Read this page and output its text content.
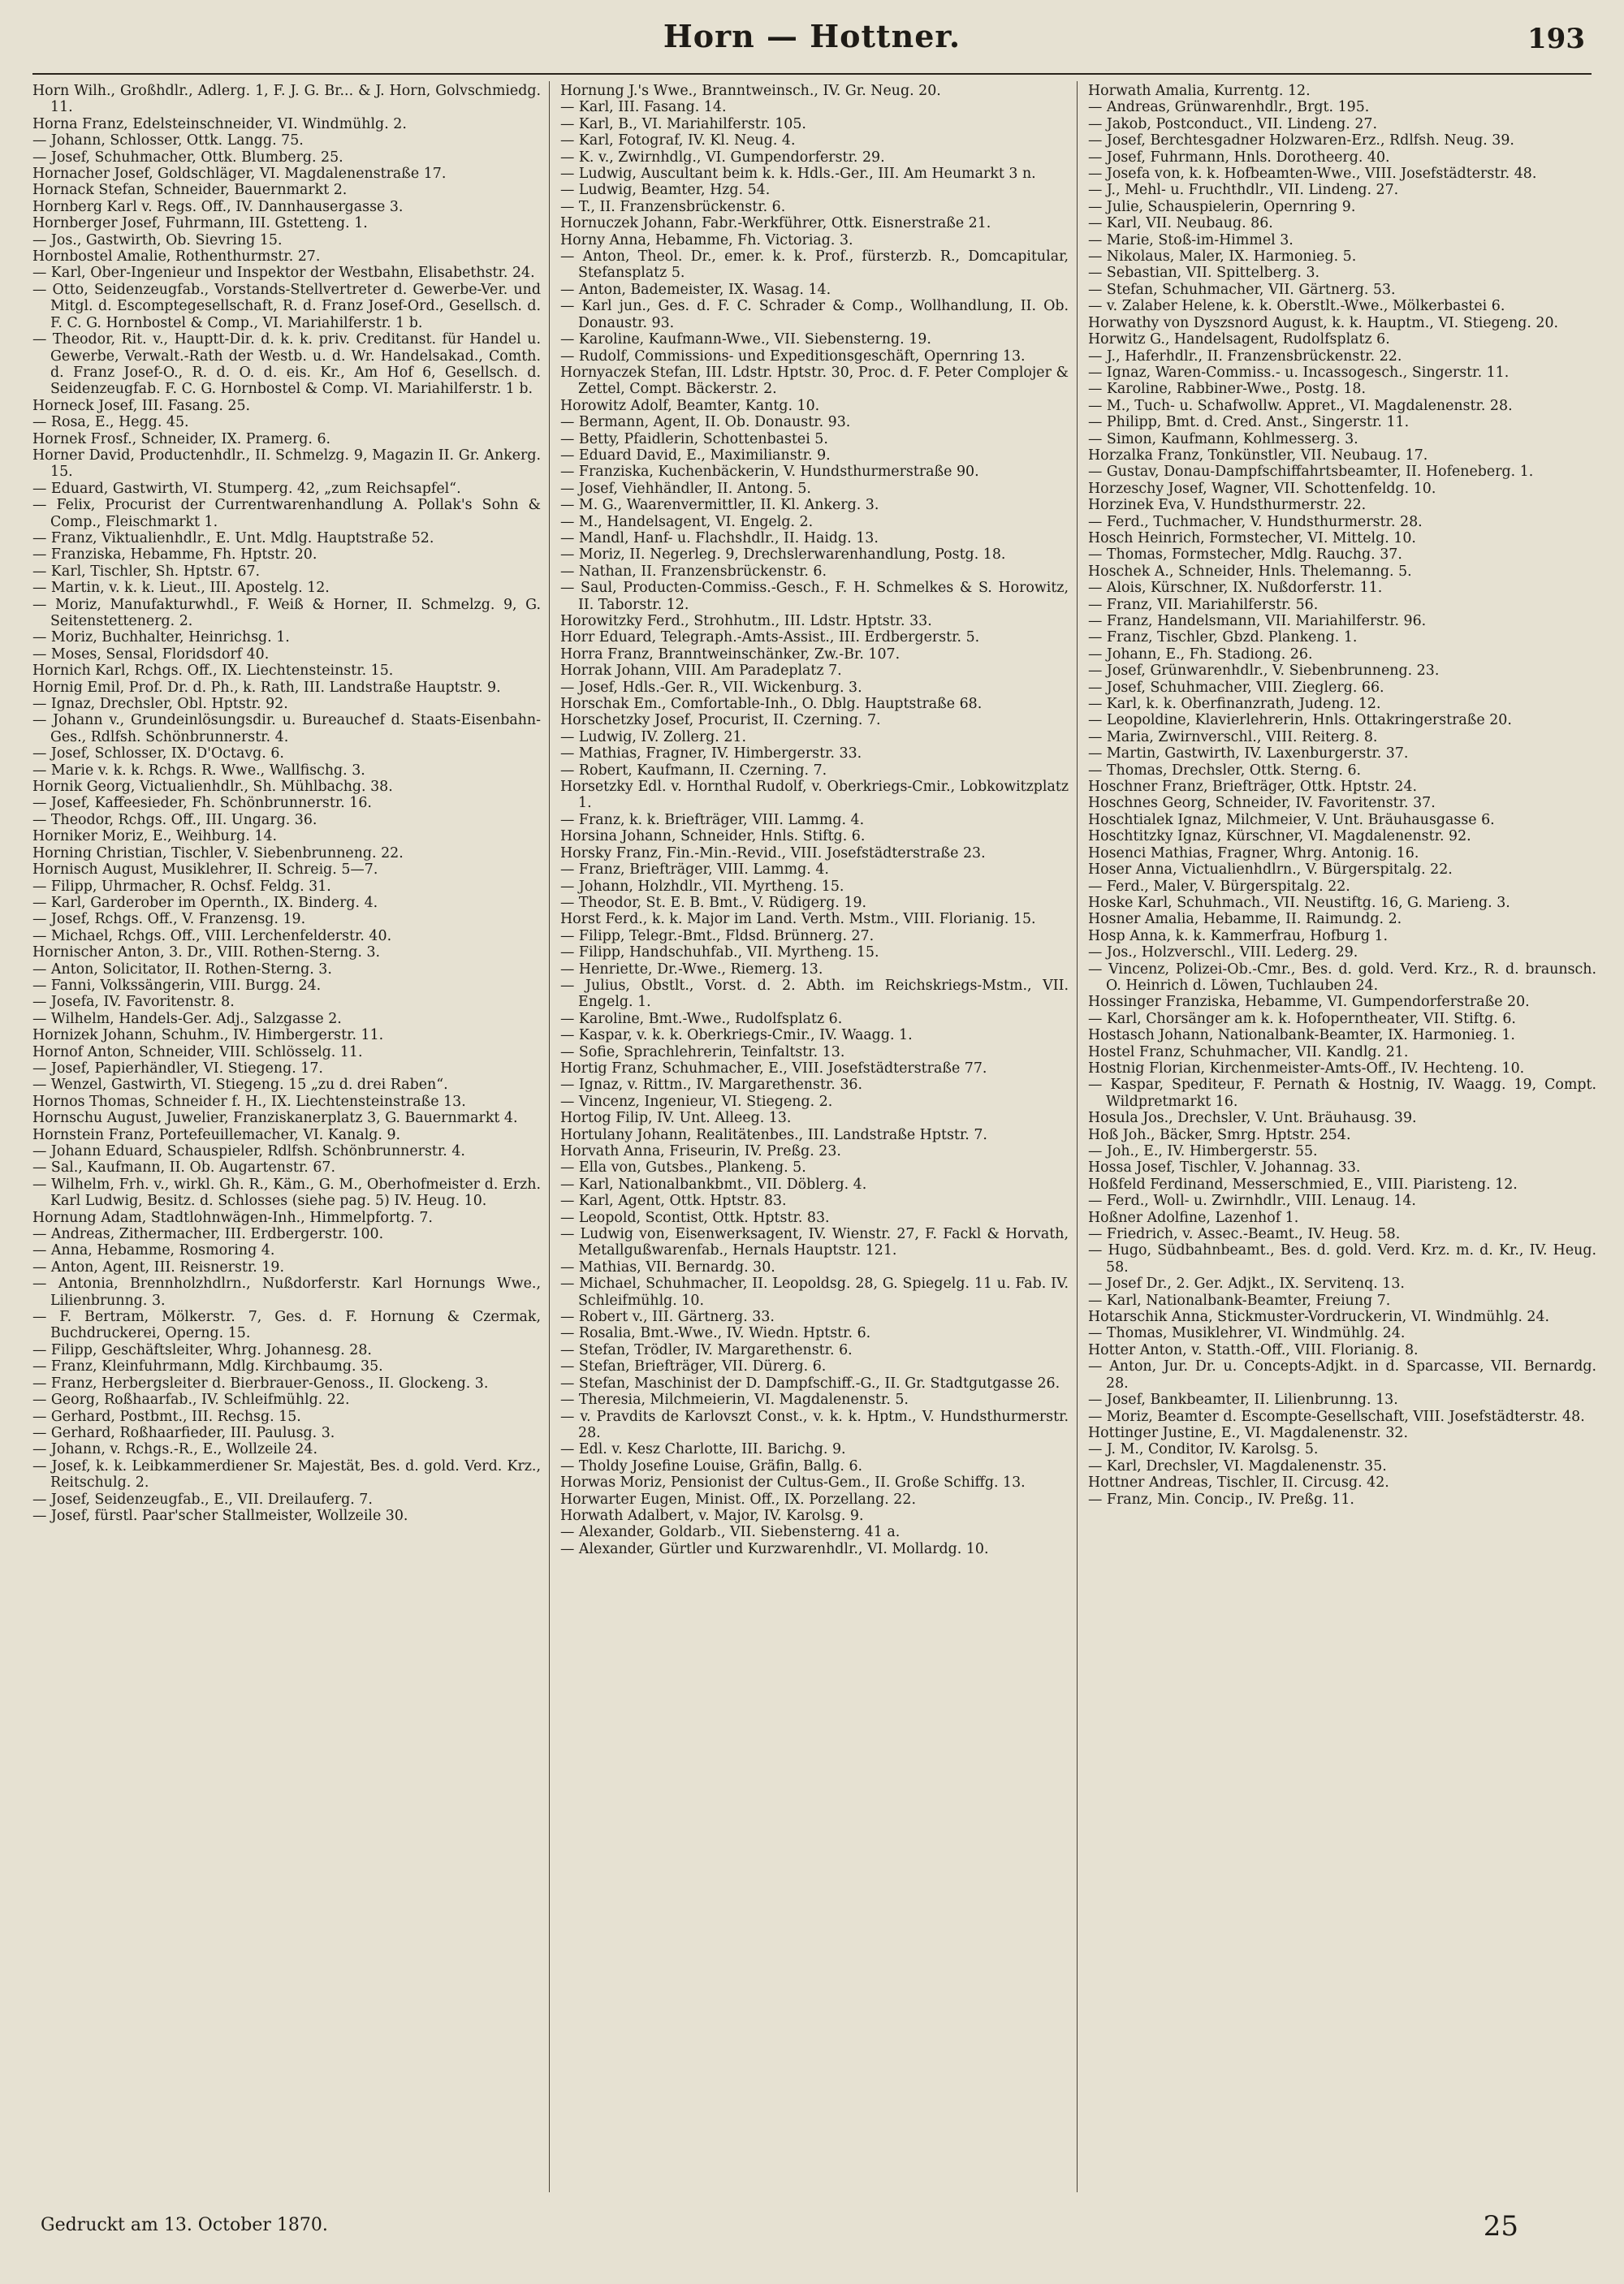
Horn — Hottner.	193

Horn Wilh., Großhdlr., Adlerg. 1, F. J. G. Br... & J. Horn, Golvschmiedg. 11.

Horna Franz, Edelsteinschneider, VI. Windmühlg. 2.

— Johann, Schlosser, Ottk. Langg. 75.

— Josef, Schuhmacher, Ottk. Blumberg. 25.

Hornacher Josef, Goldschläger, VI. Magdalenenstraße 17.

Hornack Stefan, Schneider, Bauernmarkt 2.

Hornberg Karl v. Regs. Off., IV. Dannhausergasse 3.

Hornberger Josef, Fuhrmann, III. Gstetteng. 1.

— Jos., Gastwirth, Ob. Sievring 15.

Hornbostel Amalie, Rothenthurmstr. 27.

— Karl, Ober-Ingenieur und Inspektor der Westbahn, Elisabethstr. 24.

— Otto, Seidenzeugfab., Vorstands-Stellvertreter d. Gewerbe-Ver. und Mitgl. d. Escomptegesellschaft, R. d. Franz Josef-Ord., Gesellsch. d. F. C. G. Hornbostel & Comp., VI. Mariahilferstr. 1 b.

— Theodor, Rit. v., Hauptt-Dir. d. k. k. priv. Creditanst. für Handel u. Gewerbe, Verwalt.-Rath der Westb. u. d. Wr. Handelsakad., Comth. d. Franz Josef-O., R. d. O. d. eis. Kr., Am Hof 6, Gesellsch. d. Seidenzeugfab. F. C. G. Hornbostel & Comp. VI. Mariahilferstr. 1 b.

Horneck Josef, III. Fasang. 25.

— Rosa, E., Hegg. 45.

Hornek Frosf., Schneider, IX. Pramerg. 6.

Horner David, Productenhdlr., II. Schmelzg. 9, Magazin II. Gr. Ankerg. 15.

— Eduard, Gastwirth, VI. Stumperg. 42, „zum Reichsapfel“.

— Felix, Procurist der Currentwarenhandlung A. Pollak's Sohn & Comp., Fleischmarkt 1.

— Franz, Viktualienhdlr., E. Unt. Mdlg. Hauptstraße 52.

— Franziska, Hebamme, Fh. Hptstr. 20.

— Karl, Tischler, Sh. Hptstr. 67.

— Martin, v. k. k. Lieut., III. Apostelg. 12.

— Moriz, Manufakturwhdl., F. Weiß & Horner, II. Schmelzg. 9, G. Seitenstettenerg. 2.

— Moriz, Buchhalter, Heinrichsg. 1.

— Moses, Sensal, Floridsdorf 40.

Hornich Karl, Rchgs. Off., IX. Liechtensteinstr. 15.

Hornig Emil, Prof. Dr. d. Ph., k. Rath, III. Landstraße Hauptstr. 9.

— Ignaz, Drechsler, Obl. Hptstr. 92.

— Johann v., Grundeinlösungsdir. u. Bureauchef d. Staats-Eisenbahn-Ges., Rdlfsh. Schönbrunnerstr. 4.

— Josef, Schlosser, IX. D'Octavg. 6.

— Marie v. k. k. Rchgs. R. Wwe., Wallfischg. 3.

Hornik Georg, Victualienhdlr., Sh. Mühlbachg. 38.

— Josef, Kaffeesieder, Fh. Schönbrunnerstr. 16.

— Theodor, Rchgs. Off., III. Ungarg. 36.

Horniker Moriz, E., Weihburg. 14.

Horning Christian, Tischler, V. Siebenbrunneng. 22.

Hornisch August, Musiklehrer, II. Schreig. 5—7.

— Filipp, Uhrmacher, R. Ochsf. Feldg. 31.

— Karl, Garderober im Opernth., IX. Binderg. 4.

— Josef, Rchgs. Off., V. Franzensg. 19.

— Michael, Rchgs. Off., VIII. Lerchenfelderstr. 40.

Hornischer Anton, 3. Dr., VIII. Rothen-Sterng. 3.

— Anton, Solicitator, II. Rothen-Sterng. 3.

— Fanni, Volkssängerin, VIII. Burgg. 24.

— Josefa, IV. Favoritenstr. 8.

— Wilhelm, Handels-Ger. Adj., Salzgasse 2.

Hornizek Johann, Schuhm., IV. Himbergerstr. 11.

Hornof Anton, Schneider, VIII. Schlösselg. 11.

— Josef, Papierhändler, VI. Stiegeng. 17.

— Wenzel, Gastwirth, VI. Stiegeng. 15 „zu d. drei Raben“.

Hornos Thomas, Schneider f. H., IX. Liechtensteinstraße 13.

Hornschu August, Juwelier, Franziskanerplatz 3, G. Bauernmarkt 4.

Hornstein Franz, Portefeuillemacher, VI. Kanalg. 9.

— Johann Eduard, Schauspieler, Rdlfsh. Schönbrunnerstr. 4.

— Sal., Kaufmann, II. Ob. Augartenstr. 67.

— Wilhelm, Frh. v., wirkl. Gh. R., Käm., G. M., Oberhofmeister d. Erzh. Karl Ludwig, Besitz. d. Schlosses (siehe pag. 5) IV. Heug. 10.

Hornung Adam, Stadtlohnwägen-Inh., Himmelpfortg. 7.

— Andreas, Zithermacher, III. Erdbergerstr. 100.

— Anna, Hebamme, Rosmoring 4.

— Anton, Agent, III. Reisnerstr. 19.

— Antonia, Brennholzhdlrn., Nußdorferstr. Karl Hornungs Wwe., Lilienbrunng. 3.

— F. Bertram, Mölkerstr. 7, Ges. d. F. Hornung & Czermak, Buchdruckerei, Operng. 15.

— Filipp, Geschäftsleiter, Whrg. Johannesg. 28.

— Franz, Kleinfuhrmann, Mdlg. Kirchbaumg. 35.

— Franz, Herbergsleiter d. Bierbrauer-Genoss., II. Glockeng. 3.

— Georg, Roßhaarfab., IV. Schleifmühlg. 22.

— Gerhard, Postbmt., III. Rechsg. 15.

— Gerhard, Roßhaarfieder, III. Paulusg. 3.

— Johann, v. Rchgs.-R., E., Wollzeile 24.

— Josef, k. k. Leibkammerdiener Sr. Majestät, Bes. d. gold. Verd. Krz., Reitschulg. 2.

— Josef, Seidenzeugfab., E., VII. Dreilauferg. 7.

— Josef, fürstl. Paar'scher Stallmeister, Wollzeile 30.

Hornung J.'s Wwe., Branntweinsch., IV. Gr. Neug. 20.

— Karl, III. Fasang. 14.

— Karl, B., VI. Mariahilferstr. 105.

— Karl, Fotograf, IV. Kl. Neug. 4.

— K. v., Zwirnhdlg., VI. Gumpendorferstr. 29.

— Ludwig, Auscultant beim k. k. Hdls.-Ger., III. Am Heumarkt 3 n.

— Ludwig, Beamter, Hzg. 54.

— T., II. Franzensbrückenstr. 6.

Hornuczek Johann, Fabr.-Werkführer, Ottk. Eisnerstraße 21.

Horny Anna, Hebamme, Fh. Victoriag. 3.

— Anton, Theol. Dr., emer. k. k. Prof., fürsterzb. R., Domcapitular, Stefansplatz 5.

— Anton, Bademeister, IX. Wasag. 14.

— Karl jun., Ges. d. F. C. Schrader & Comp., Wollhandlung, II. Ob. Donaustr. 93.

— Karoline, Kaufmann-Wwe., VII. Siebensterng. 19.

— Rudolf, Commissions- und Expeditionsgeschäft, Opernring 13.

Hornyaczek Stefan, III. Ldstr. Hptstr. 30, Proc. d. F. Peter Complojer & Zettel, Compt. Bäckerstr. 2.

Horowitz Adolf, Beamter, Kantg. 10.

— Bermann, Agent, II. Ob. Donaustr. 93.

— Betty, Pfaidlerin, Schottenbastei 5.

— Eduard David, E., Maximilianstr. 9.

— Franziska, Kuchenbäckerin, V. Hundsthurmerstraße 90.

— Josef, Viehhändler, II. Antong. 5.

— M. G., Waarenvermittler, II. Kl. Ankerg. 3.

— M., Handelsagent, VI. Engelg. 2.

— Mandl, Hanf- u. Flachshdlr., II. Haidg. 13.

— Moriz, II. Negerleg. 9, Drechslerwarenhandlung, Postg. 18.

— Nathan, II. Franzensbrückenstr. 6.

— Saul, Producten-Commiss.-Gesch., F. H. Schmelkes & S. Horowitz, II. Taborstr. 12.

Horowitzky Ferd., Strohhutm., III. Ldstr. Hptstr. 33.

Horr Eduard, Telegraph.-Amts-Assist., III. Erdbergerstr. 5.

Horra Franz, Branntweinschänker, Zw.-Br. 107.

Horrak Johann, VIII. Am Paradeplatz 7.

— Josef, Hdls.-Ger. R., VII. Wickenburg. 3.

Horschak Em., Comfortable-Inh., O. Dblg. Hauptstraße 68.

Horschetzky Josef, Procurist, II. Czerning. 7.

— Ludwig, IV. Zollerg. 21.

— Mathias, Fragner, IV. Himbergerstr. 33.

— Robert, Kaufmann, II. Czerning. 7.

Horsetzky Edl. v. Hornthal Rudolf, v. Oberkriegs-Cmir., Lobkowitzplatz 1.

— Franz, k. k. Briefträger, VIII. Lammg. 4.

Horsina Johann, Schneider, Hnls. Stiftg. 6.

Horsky Franz, Fin.-Min.-Revid., VIII. Josefstädterstraße 23.

— Franz, Briefträger, VIII. Lammg. 4.

— Johann, Holzhdlr., VII. Myrtheng. 15.

— Theodor, St. E. B. Bmt., V. Rüdigerg. 19.

Horst Ferd., k. k. Major im Land. Verth. Mstm., VIII. Florianig. 15.

— Filipp, Telegr.-Bmt., Fldsd. Brünnerg. 27.

— Filipp, Handschuhfab., VII. Myrtheng. 15.

— Henriette, Dr.-Wwe., Riemerg. 13.

— Julius, Obstlt., Vorst. d. 2. Abth. im Reichskriegs-Mstm., VII. Engelg. 1.

— Karoline, Bmt.-Wwe., Rudolfsplatz 6.

— Kaspar, v. k. k. Oberkriegs-Cmir., IV. Waagg. 1.

— Sofie, Sprachlehrerin, Teinfaltstr. 13.

Hortig Franz, Schuhmacher, E., VIII. Josefstädterstraße 77.

— Ignaz, v. Rittm., IV. Margarethenstr. 36.

— Vincenz, Ingenieur, VI. Stiegeng. 2.

Hortog Filip, IV. Unt. Alleeg. 13.

Hortulany Johann, Realitätenbes., III. Landstraße Hptstr. 7.

Horvath Anna, Friseurin, IV. Preßg. 23.

— Ella von, Gutsbes., Plankeng. 5.

— Karl, Nationalbankbmt., VII. Döblerg. 4.

— Karl, Agent, Ottk. Hptstr. 83.

— Leopold, Scontist, Ottk. Hptstr. 83.

— Ludwig von, Eisenwerksagent, IV. Wienstr. 27, F. Fackl & Horvath, Metallgußwarenfab., Hernals Hauptstr. 121.

— Mathias, VII. Bernardg. 30.

— Michael, Schuhmacher, II. Leopoldsg. 28, G. Spiegelg. 11 u. Fab. IV. Schleifmühlg. 10.

— Robert v., III. Gärtnerg. 33.

— Rosalia, Bmt.-Wwe., IV. Wiedn. Hptstr. 6.

— Stefan, Trödler, IV. Margarethenstr. 6.

— Stefan, Briefträger, VII. Dürerg. 6.

— Stefan, Maschinist der D. Dampfschiff.-G., II. Gr. Stadtgutgasse 26.

— Theresia, Milchmeierin, VI. Magdalenenstr. 5.

— v. Pravdits de Karlovszt Const., v. k. k. Hptm., V. Hundsthurmerstr. 28.

— Edl. v. Kesz Charlotte, III. Barichg. 9.

— Tholdy Josefine Louise, Gräfin, Ballg. 6.

Horwas Moriz, Pensionist der Cultus-Gem., II. Große Schiffg. 13.

Horwarter Eugen, Minist. Off., IX. Porzellang. 22.

Horwath Adalbert, v. Major, IV. Karolsg. 9.

— Alexander, Goldarb., VII. Siebensterng. 41 a.

— Alexander, Gürtler und Kurzwarenhdlr., VI. Mollardg. 10.

Horwath Amalia, Kurrentg. 12.

— Andreas, Grünwarenhdlr., Brgt. 195.

— Jakob, Postconduct., VII. Lindeng. 27.

— Josef, Berchtesgadner Holzwaren-Erz., Rdlfsh. Neug. 39.

— Josef, Fuhrmann, Hnls. Dorotheerg. 40.

— Josefa von, k. k. Hofbeamten-Wwe., VIII. Josefstädterstr. 48.

— J., Mehl- u. Fruchthdlr., VII. Lindeng. 27.

— Julie, Schauspielerin, Opernring 9.

— Karl, VII. Neubaug. 86.

— Marie, Stoß-im-Himmel 3.

— Nikolaus, Maler, IX. Harmonieg. 5.

— Sebastian, VII. Spittelberg. 3.

— Stefan, Schuhmacher, VII. Gärtnerg. 53.

— v. Zalaber Helene, k. k. Oberstlt.-Wwe., Mölkerbastei 6.

Horwathy von Dyszsnord August, k. k. Hauptm., VI. Stiegeng. 20.

Horwitz G., Handelsagent, Rudolfsplatz 6.

— J., Haferhdlr., II. Franzensbrückenstr. 22.

— Ignaz, Waren-Commiss.- u. Incassogesch., Singerstr. 11.

— Karoline, Rabbiner-Wwe., Postg. 18.

— M., Tuch- u. Schafwollw. Appret., VI. Magdalenenstr. 28.

— Philipp, Bmt. d. Cred. Anst., Singerstr. 11.

— Simon, Kaufmann, Kohlmesserg. 3.

Horzalka Franz, Tonkünstler, VII. Neubaug. 17.

— Gustav, Donau-Dampfschiffahrtsbeamter, II. Hofeneberg. 1.

Horzeschy Josef, Wagner, VII. Schottenfeldg. 10.

Horzinek Eva, V. Hundsthurmerstr. 22.

— Ferd., Tuchmacher, V. Hundsthurmerstr. 28.

Hosch Heinrich, Formstecher, VI. Mittelg. 10.

— Thomas, Formstecher, Mdlg. Rauchg. 37.

Hoschek A., Schneider, Hnls. Thelemanng. 5.

— Alois, Kürschner, IX. Nußdorferstr. 11.

— Franz, VII. Mariahilferstr. 56.

— Franz, Handelsmann, VII. Mariahilferstr. 96.

— Franz, Tischler, Gbzd. Plankeng. 1.

— Johann, E., Fh. Stadiong. 26.

— Josef, Grünwarenhdlr., V. Siebenbrunneng. 23.

— Josef, Schuhmacher, VIII. Zieglerg. 66.

— Karl, k. k. Oberfinanzrath, Judeng. 12.

— Leopoldine, Klavierlehrerin, Hnls. Ottakringerstraße 20.

— Maria, Zwirnverschl., VIII. Reiterg. 8.

— Martin, Gastwirth, IV. Laxenburgerstr. 37.

— Thomas, Drechsler, Ottk. Sterng. 6.

Hoschner Franz, Briefträger, Ottk. Hptstr. 24.

Hoschnes Georg, Schneider, IV. Favoritenstr. 37.

Hoschtialek Ignaz, Milchmeier, V. Unt. Bräuhausgasse 6.

Hoschtitzky Ignaz, Kürschner, VI. Magdalenenstr. 92.

Hosenci Mathias, Fragner, Whrg. Antonig. 16.

Hoser Anna, Victualienhdlrn., V. Bürgerspitalg. 22.

— Ferd., Maler, V. Bürgerspitalg. 22.

Hoske Karl, Schuhmach., VII. Neustiftg. 16, G. Marieng. 3.

Hosner Amalia, Hebamme, II. Raimundg. 2.

Hosp Anna, k. k. Kammerfrau, Hofburg 1.

— Jos., Holzverschl., VIII. Lederg. 29.

— Vincenz, Polizei-Ob.-Cmr., Bes. d. gold. Verd. Krz., R. d. braunsch. O. Heinrich d. Löwen, Tuchlauben 24.

Hossinger Franziska, Hebamme, VI. Gumpendorferstraße 20.

— Karl, Chorsänger am k. k. Hofoperntheater, VII. Stiftg. 6.

Hostasch Johann, Nationalbank-Beamter, IX. Harmonieg. 1.

Hostel Franz, Schuhmacher, VII. Kandlg. 21.

Hostnig Florian, Kirchenmeister-Amts-Off., IV. Hechteng. 10.

— Kaspar, Spediteur, F. Pernath & Hostnig, IV. Waagg. 19, Compt. Wildpretmarkt 16.

Hosula Jos., Drechsler, V. Unt. Bräuhausg. 39.

Hoß Joh., Bäcker, Smrg. Hptstr. 254.

— Joh., E., IV. Himbergerstr. 55.

Hossa Josef, Tischler, V. Johannag. 33.

Hoßfeld Ferdinand, Messerschmied, E., VIII. Piaristeng. 12.

— Ferd., Woll- u. Zwirnhdlr., VIII. Lenaug. 14.

Hoßner Adolfine, Lazenhof 1.

— Friedrich, v. Assec.-Beamt., IV. Heug. 58.

— Hugo, Südbahnbeamt., Bes. d. gold. Verd. Krz. m. d. Kr., IV. Heug. 58.

— Josef Dr., 2. Ger. Adjkt., IX. Servitenq. 13.

— Karl, Nationalbank-Beamter, Freiung 7.

Hotarschik Anna, Stickmuster-Vordruckerin, VI. Windmühlg. 24.

— Thomas, Musiklehrer, VI. Windmühlg. 24.

Hotter Anton, v. Statth.-Off., VIII. Florianig. 8.

— Anton, Jur. Dr. u. Concepts-Adjkt. in d. Sparcasse, VII. Bernardg. 28.

— Josef, Bankbeamter, II. Lilienbrunng. 13.

— Moriz, Beamter d. Escompte-Gesellschaft, VIII. Josefstädterstr. 48.

Hottinger Justine, E., VI. Magdalenenstr. 32.

— J. M., Conditor, IV. Karolsg. 5.

— Karl, Drechsler, VI. Magdalenenstr. 35.

Hottner Andreas, Tischler, II. Circusg. 42.

— Franz, Min. Concip., IV. Preßg. 11.

Gedruckt am 13. October 1870.	25
